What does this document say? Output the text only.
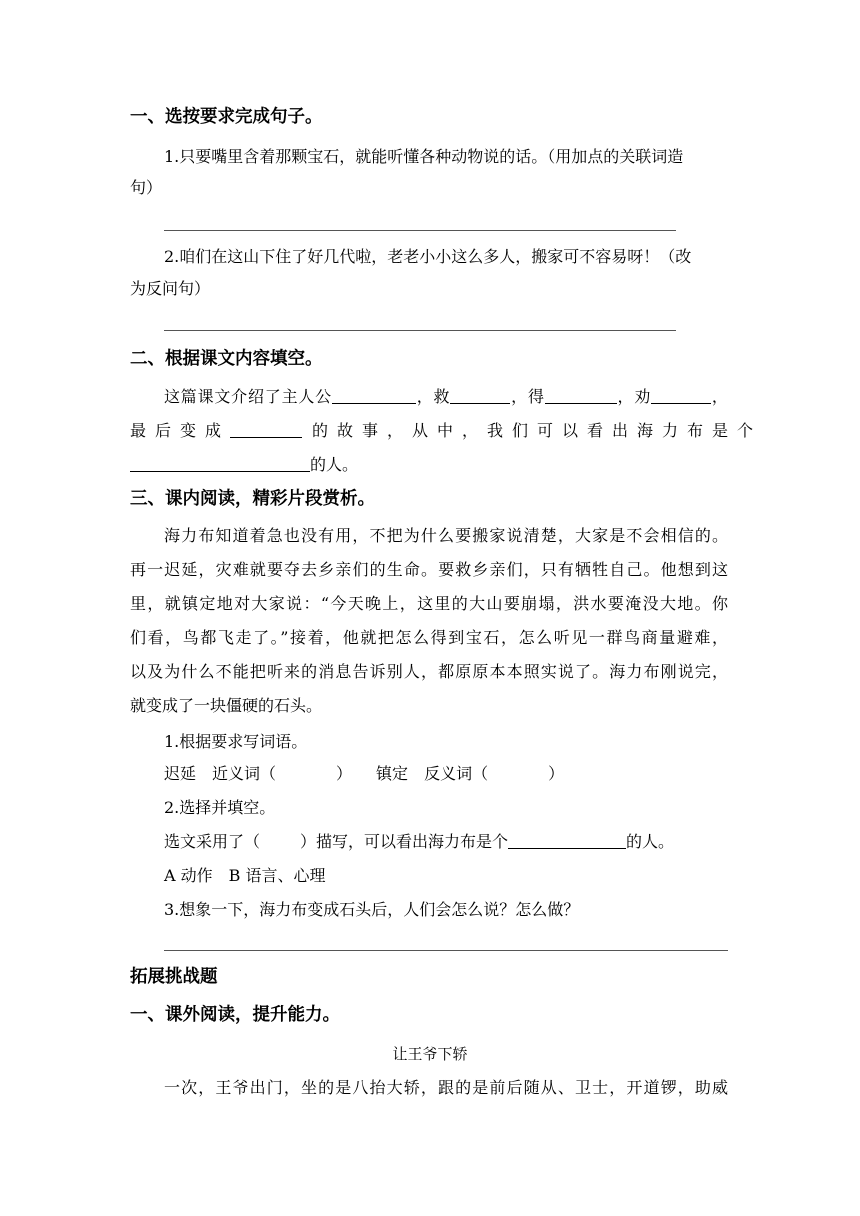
一、选按要求完成句子。
1.只要嘴里含着那颗宝石，就能听懂各种动物说的话。（用加点的关联词造
句）
2.咱们在这山下住了好几代啦，老老小小这么多人，搬家可不容易呀！（改
为反问句）
二、根据课文内容填空。
这篇课文介绍了主人公	，救	，得	，劝	，
最后变成	的故事，从中，我们可以看出海力布是个
的人。
三、课内阅读，精彩片段赏析。
海力布知道着急也没有用，不把为什么要搬家说清楚，大家是不会相信的。
再一迟延，灾难就要夺去乡亲们的生命。要救乡亲们，只有牺牲自己。他想到这
里，就镇定地对大家说：“今天晚上，这里的大山要崩塌，洪水要淹没大地。你
们看，鸟都飞走了。”接着，他就把怎么得到宝石，怎么听见一群鸟商量避难，
以及为什么不能把听来的消息告诉别人，都原原本本照实说了。海力布刚说完，
就变成了一块僵硬的石头。
1.根据要求写词语。
迟延 近义词（	） 镇定 反义词（	）
2.选择并填空。
选文采用了（	）描写，可以看出海力布是个	的人。
A 动作　B 语言、心理
3.想象一下，海力布变成石头后，人们会怎么说？怎么做？
拓展挑战题
一、课外阅读，提升能力。
让王爷下轿
一次，王爷出门，坐的是八抬大轿，跟的是前后随从、卫士，开道锣，助威
